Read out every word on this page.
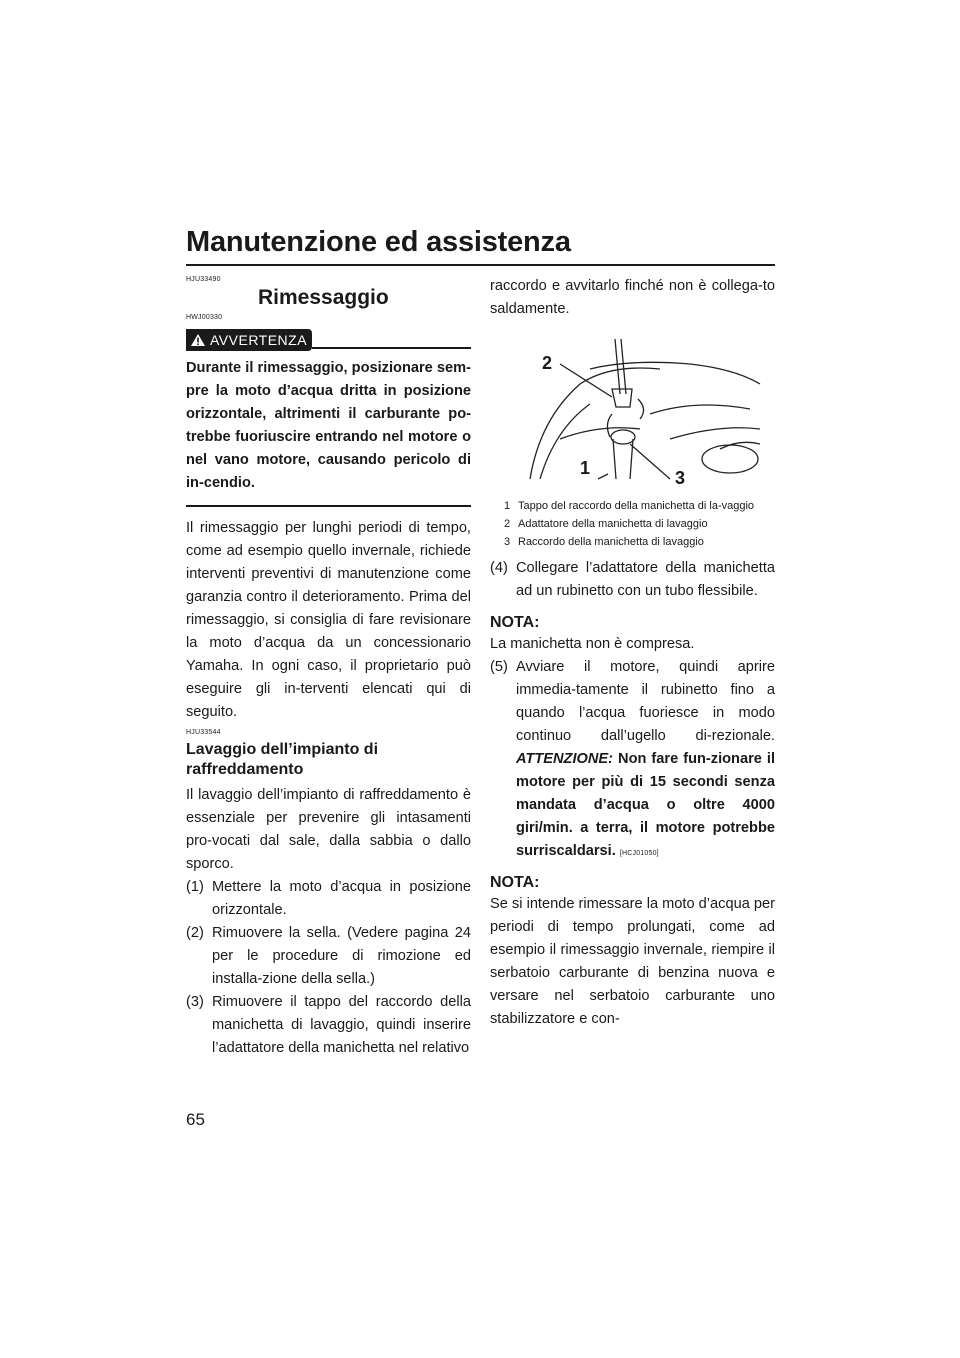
Manutenzione ed assistenza
HJU33490
Rimessaggio
HWJ00330
AVVERTENZA
Durante il rimessaggio, posizionare sem-pre la moto d’acqua dritta in posizione orizzontale, altrimenti il carburante po-trebbe fuoriuscire entrando nel motore o nel vano motore, causando pericolo di in-cendio.

Il rimessaggio per lunghi periodi di tempo, come ad esempio quello invernale, richiede interventi preventivi di manutenzione come garanzia contro il deterioramento. Prima del rimessaggio, si consiglia di fare revisionare la moto d’acqua da un concessionario Yamaha. In ogni caso, il proprietario può eseguire gli in-terventi elencati qui di seguito.

HJU33544
Lavaggio dell’impianto di raffreddamento

Il lavaggio dell’impianto di raffreddamento è essenziale per prevenire gli intasamenti pro-vocati dal sale, dalla sabbia o dallo sporco.

(1) Mettere la moto d’acqua in posizione orizzontale.
(2) Rimuovere la sella. (Vedere pagina 24 per le procedure di rimozione ed installa-zione della sella.)
(3) Rimuovere il tappo del raccordo della manichetta di lavaggio, quindi inserire l’adattatore della manichetta nel relativo
raccordo e avvitarlo finché non è collega-to saldamente.
2
1	3
1 Tappo del raccordo della manichetta di la-vaggio
2 Adattatore della manichetta di lavaggio
3 Raccordo della manichetta di lavaggio
(4) Collegare l’adattatore della manichetta ad un rubinetto con un tubo flessibile.
NOTA:

La manichetta non è compresa.

(5) Avviare il motore, quindi aprire immedia-tamente il rubinetto fino a quando l’acqua fuoriesce in modo continuo dall’ugello di-rezionale. ATTENZIONE: Non fare fun-zionare il motore per più di 15 secondi senza mandata d’acqua o oltre 4000 giri/min. a terra, il motore potrebbe surriscaldarsi. [HCJ01050]
NOTA:

Se si intende rimessare la moto d’acqua per periodi di tempo prolungati, come ad esempio il rimessaggio invernale, riempire il serbatoio carburante di benzina nuova e versare nel serbatoio carburante uno stabilizzatore e con-

65
